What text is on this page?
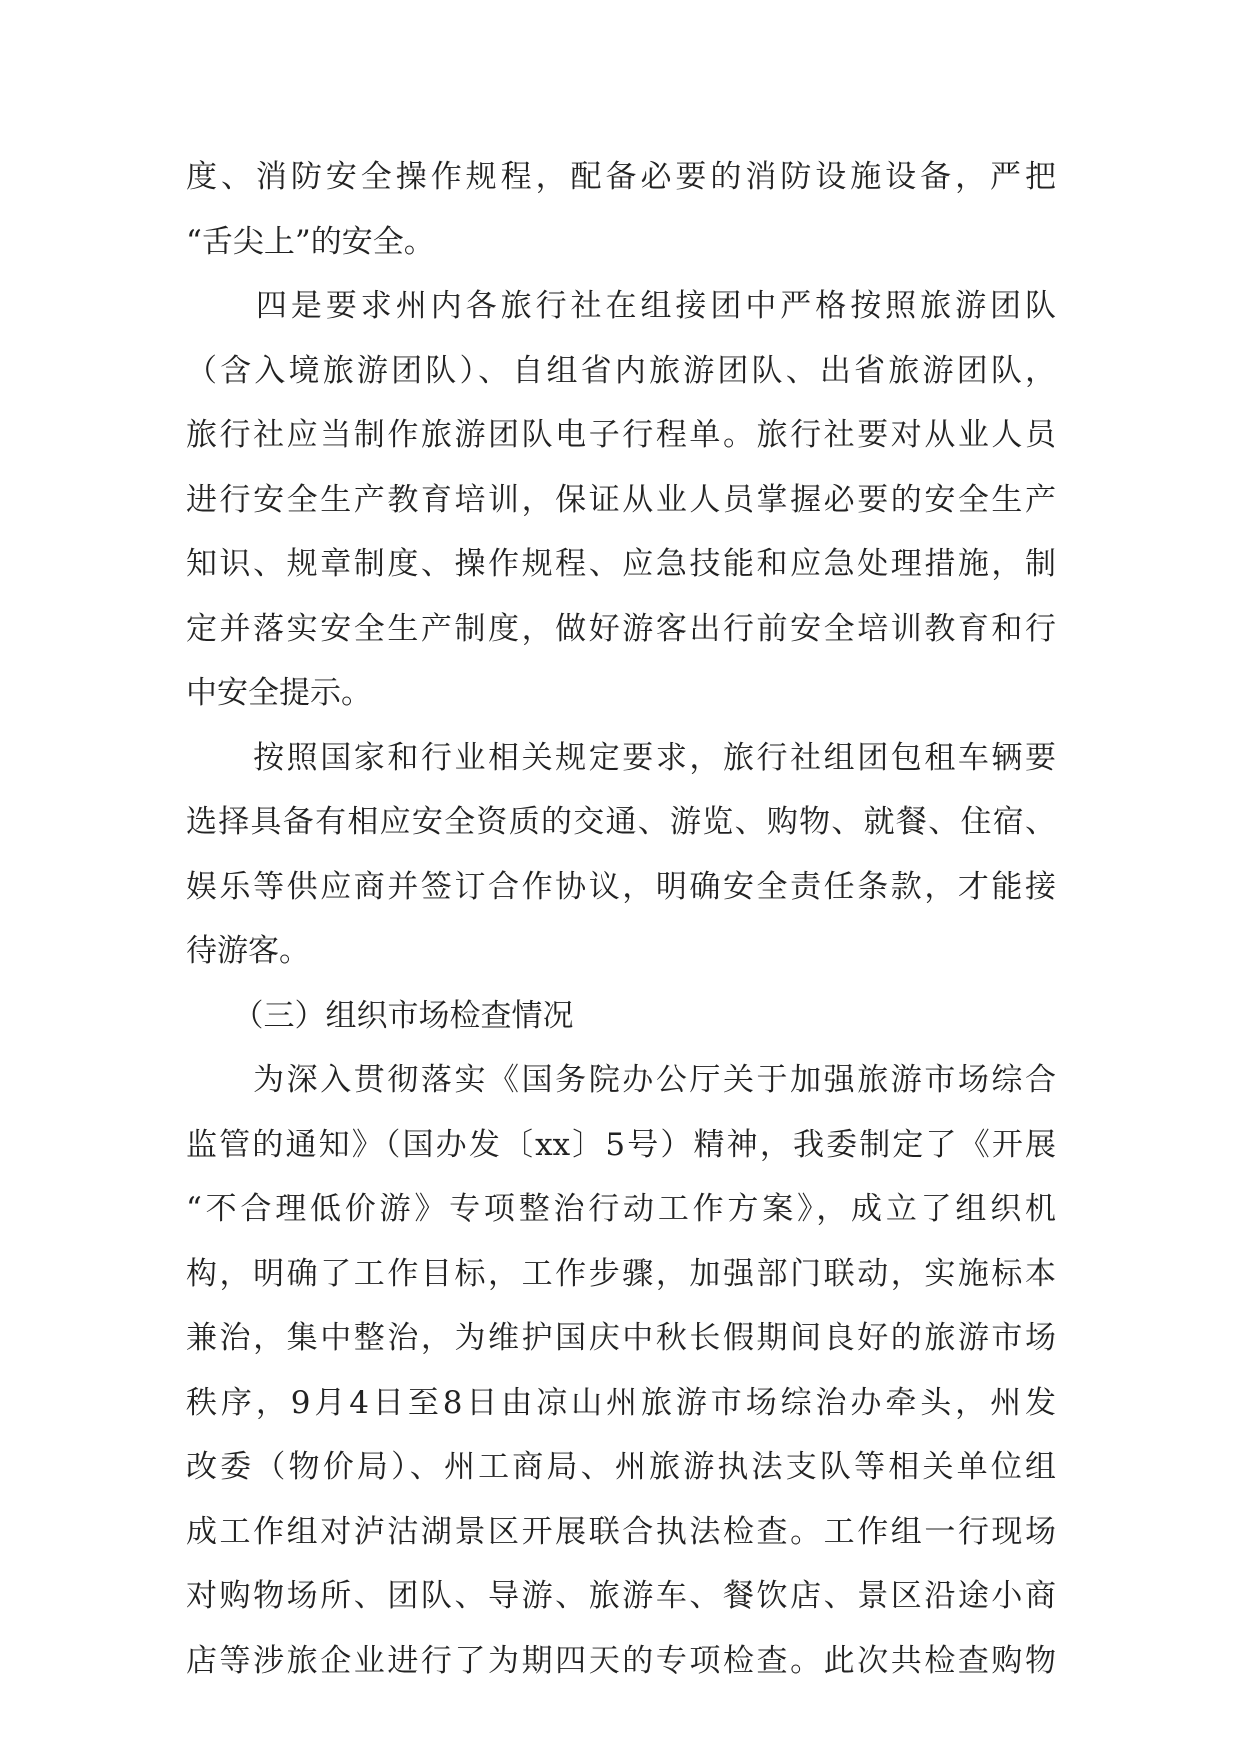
度、消防安全操作规程，配备必要的消防设施设备，严把
“舌尖上”的安全。
　　四是要求州内各旅行社在组接团中严格按照旅游团队
（含入境旅游团队）、自组省内旅游团队、出省旅游团队，
旅行社应当制作旅游团队电子行程单。旅行社要对从业人员
进行安全生产教育培训，保证从业人员掌握必要的安全生产
知识、规章制度、操作规程、应急技能和应急处理措施，制
定并落实安全生产制度，做好游客出行前安全培训教育和行
中安全提示。
　　按照国家和行业相关规定要求，旅行社组团包租车辆要
选择具备有相应安全资质的交通、游览、购物、就餐、住宿、
娱乐等供应商并签订合作协议，明确安全责任条款，才能接
待游客。
　　（三）组织市场检查情况
　　为深入贯彻落实《国务院办公厅关于加强旅游市场综合
监管的通知》（国办发〔xx〕5号）精神，我委制定了《开展
“不合理低价游》专项整治行动工作方案》，成立了组织机
构，明确了工作目标，工作步骤，加强部门联动，实施标本
兼治，集中整治，为维护国庆中秋长假期间良好的旅游市场
秩序，9月4日至8日由凉山州旅游市场综治办牵头，州发
改委（物价局）、州工商局、州旅游执法支队等相关单位组
成工作组对泸沽湖景区开展联合执法检查。工作组一行现场
对购物场所、团队、导游、旅游车、餐饮店、景区沿途小商
店等涉旅企业进行了为期四天的专项检查。此次共检查购物
